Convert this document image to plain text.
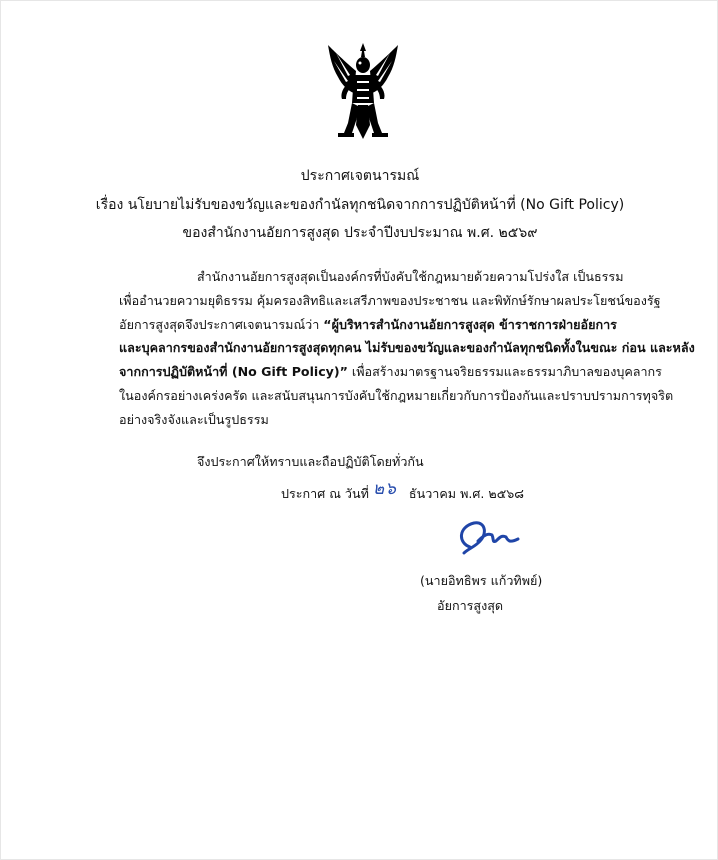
ประกาศเจตนารมณ์
เรื่อง นโยบายไม่รับของขวัญและของกำนัลทุกชนิดจากการปฏิบัติหน้าที่ (No Gift Policy)
ของสำนักงานอัยการสูงสุด ประจำปีงบประมาณ พ.ศ. ๒๕๖๙
สำนักงานอัยการสูงสุดเป็นองค์กรที่บังคับใช้กฎหมายด้วยความโปร่งใส เป็นธรรม
เพื่ออำนวยความยุติธรรม คุ้มครองสิทธิและเสรีภาพของประชาชน และพิทักษ์รักษาผลประโยชน์ของรัฐ
อัยการสูงสุดจึงประกาศเจตนารมณ์ว่า “ผู้บริหารสำนักงานอัยการสูงสุด ข้าราชการฝ่ายอัยการ
และบุคลากรของสำนักงานอัยการสูงสุดทุกคน ไม่รับของขวัญและของกำนัลทุกชนิดทั้งในขณะ ก่อน และหลัง
จากการปฏิบัติหน้าที่ (No Gift Policy)” เพื่อสร้างมาตรฐานจริยธรรมและธรรมาภิบาลของบุคลากร
ในองค์กรอย่างเคร่งครัด และสนับสนุนการบังคับใช้กฎหมายเกี่ยวกับการป้องกันและปราบปรามการทุจริต
อย่างจริงจังและเป็นรูปธรรม
จึงประกาศให้ทราบและถือปฏิบัติโดยทั่วกัน
ประกาศ ณ วันที่ ๒๖ ธันวาคม พ.ศ. ๒๕๖๘
(นายอิทธิพร แก้วทิพย์)
อัยการสูงสุด
